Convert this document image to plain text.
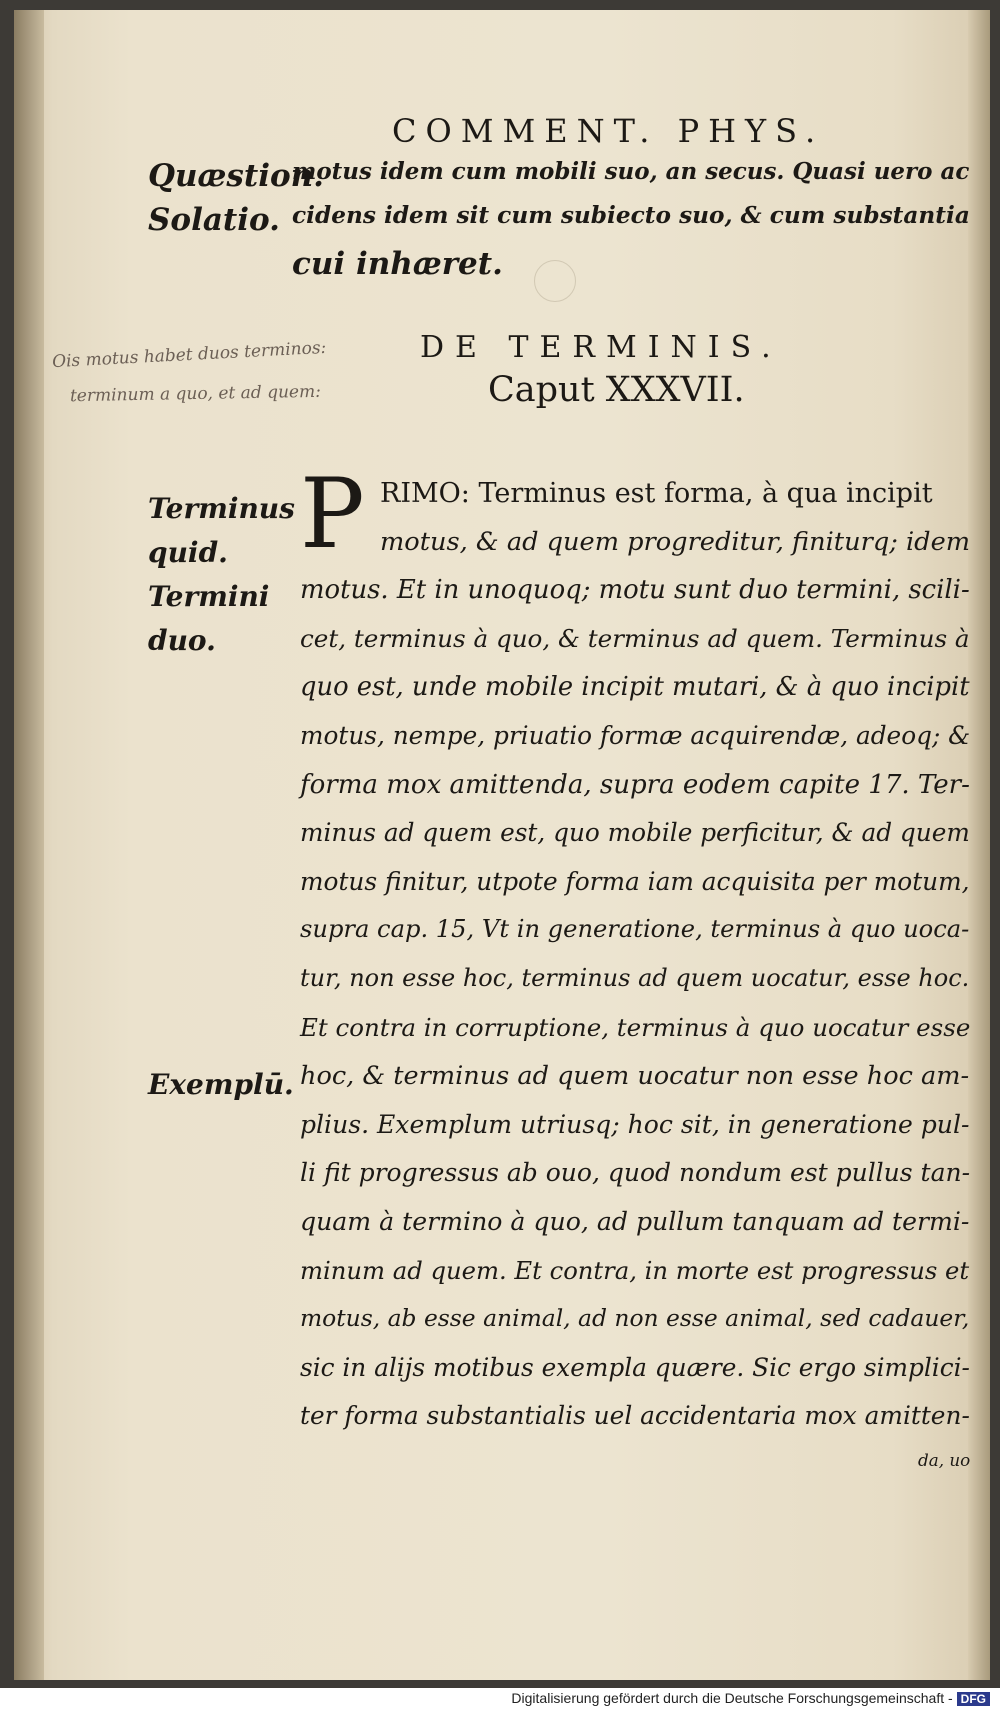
COMMENT. PHYS.
Quæstion.
Solatio.
motus idem cum mobili suo, an secus. Quasi uero ac
cidens idem sit cum subiecto suo, & cum substantia
cui inhæret.
Ois motus habet duos terminos:
terminum a quo, et ad quem:
DE TERMINIS.
Caput XXXVII.
Terminus
quid.
Termini
duo.
Exemplū.
P RIMO: Terminus est forma, à qua incipit
motus, & ad quem progreditur, finiturq; idem
motus. Et in unoquoq; motu sunt duo termini, scili-
cet, terminus à quo, & terminus ad quem. Terminus à
quo est, unde mobile incipit mutari, & à quo incipit
motus, nempe, priuatio formæ acquirendæ, adeoq; &
forma mox amittenda, supra eodem capite 17. Ter-
minus ad quem est, quo mobile perficitur, & ad quem
motus finitur, utpote forma iam acquisita per motum,
supra cap. 15, Vt in generatione, terminus à quo uoca-
tur, non esse hoc, terminus ad quem uocatur, esse hoc.
Et contra in corruptione, terminus à quo uocatur esse
hoc, & terminus ad quem uocatur non esse hoc am-
plius. Exemplum utriusq; hoc sit, in generatione pul-
li fit progressus ab ouo, quod nondum est pullus tan-
quam à termino à quo, ad pullum tanquam ad termi-
minum ad quem. Et contra, in morte est progressus et
motus, ab esse animal, ad non esse animal, sed cadauer,
sic in alijs motibus exempla quære. Sic ergo simplici-
ter forma substantialis uel accidentaria mox amitten-
da, uo
Digitalisierung gefördert durch die Deutsche Forschungsgemeinschaft - DFG
